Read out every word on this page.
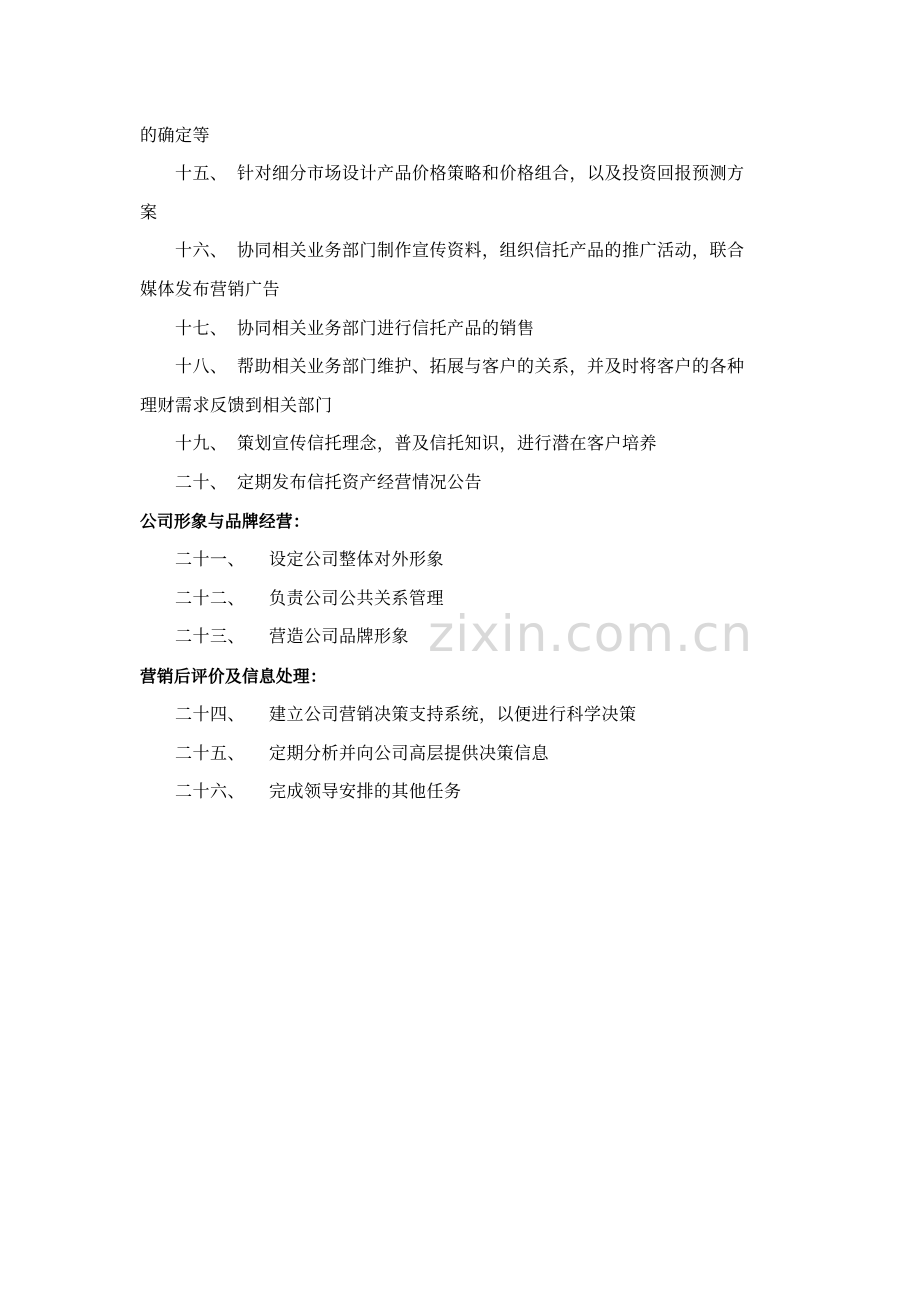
zixin.com.cn
的确定等
十五、 针对细分市场设计产品价格策略和价格组合，以及投资回报预测方
案
十六、 协同相关业务部门制作宣传资料，组织信托产品的推广活动，联合
媒体发布营销广告
十七、 协同相关业务部门进行信托产品的销售
十八、 帮助相关业务部门维护、拓展与客户的关系，并及时将客户的各种
理财需求反馈到相关部门
十九、 策划宣传信托理念，普及信托知识，进行潜在客户培养
二十、 定期发布信托资产经营情况公告
公司形象与品牌经营：
二十一、 设定公司整体对外形象
二十二、 负责公司公共关系管理
二十三、 营造公司品牌形象
营销后评价及信息处理：
二十四、 建立公司营销决策支持系统，以便进行科学决策
二十五、 定期分析并向公司高层提供决策信息
二十六、 完成领导安排的其他任务
